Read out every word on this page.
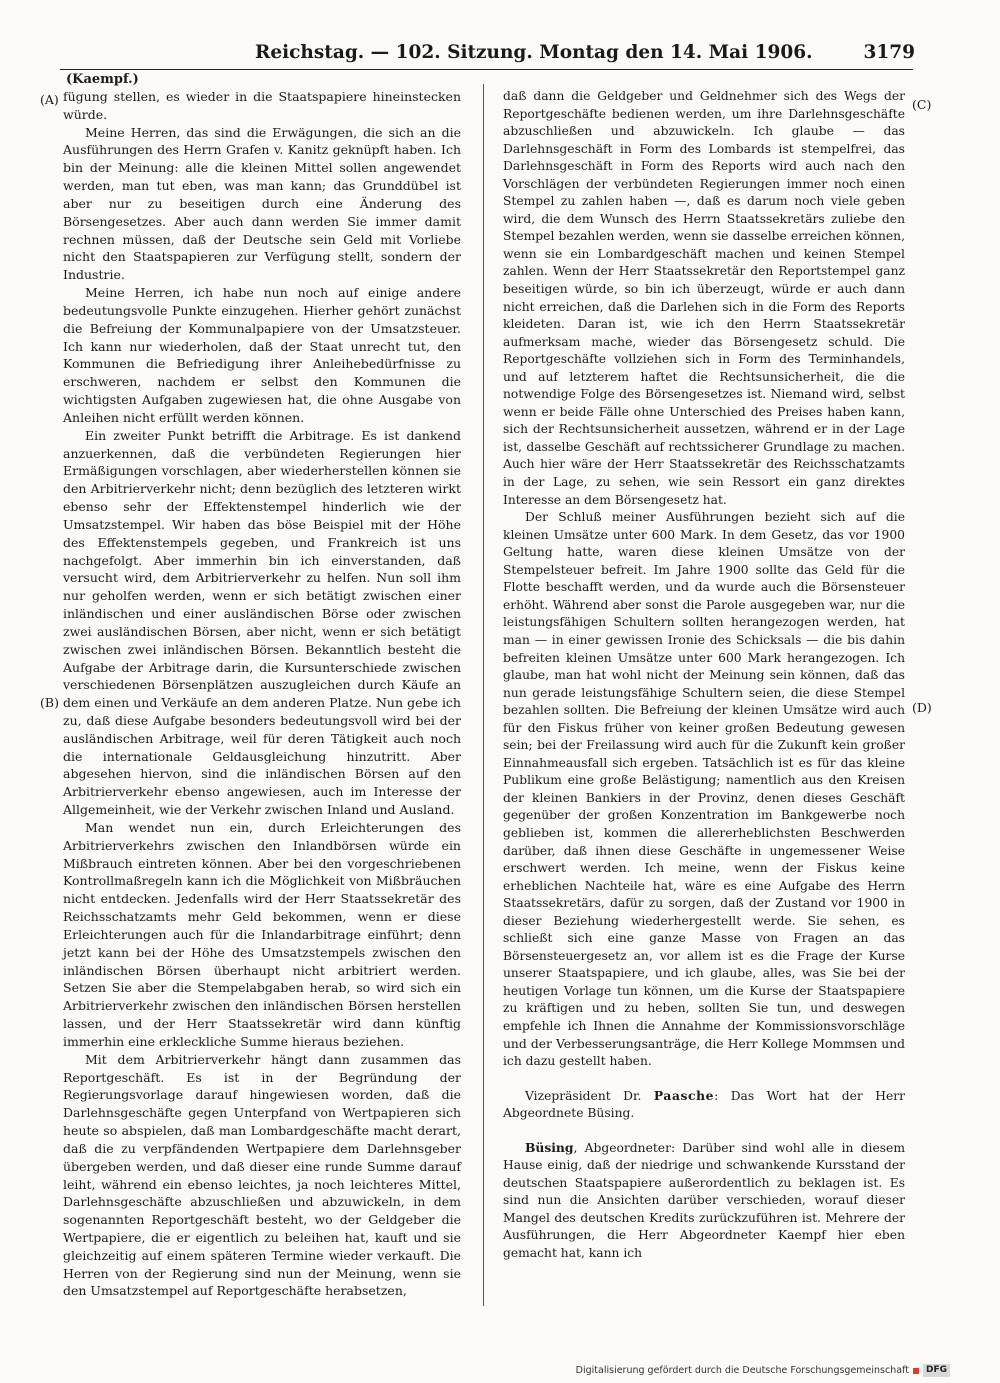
Reichstag. — 102. Sitzung. Montag den 14. Mai 1906.	3179
(Kaempf.)
(A)
(B)
(C)
(D)

fügung stellen, es wieder in die Staatspapiere hineinstecken würde.

Meine Herren, das sind die Erwägungen, die sich an die Ausführungen des Herrn Grafen v. Kanitz geknüpft haben. Ich bin der Meinung: alle die kleinen Mittel sollen angewendet werden, man tut eben, was man kann; das Grunddübel ist aber nur zu beseitigen durch eine Änderung des Börsengesetzes. Aber auch dann werden Sie immer damit rechnen müssen, daß der Deutsche sein Geld mit Vorliebe nicht den Staatspapieren zur Verfügung stellt, sondern der Industrie.

Meine Herren, ich habe nun noch auf einige andere bedeutungsvolle Punkte einzugehen. Hierher gehört zunächst die Befreiung der Kommunalpapiere von der Umsatzsteuer. Ich kann nur wiederholen, daß der Staat unrecht tut, den Kommunen die Befriedigung ihrer Anleihebedürfnisse zu erschweren, nachdem er selbst den Kommunen die wichtigsten Aufgaben zugewiesen hat, die ohne Ausgabe von Anleihen nicht erfüllt werden können.

Ein zweiter Punkt betrifft die Arbitrage. Es ist dankend anzuerkennen, daß die verbündeten Regierungen hier Ermäßigungen vorschlagen, aber wiederherstellen können sie den Arbitrierverkehr nicht; denn bezüglich des letzteren wirkt ebenso sehr der Effektenstempel hinderlich wie der Umsatzstempel. Wir haben das böse Beispiel mit der Höhe des Effektenstempels gegeben, und Frankreich ist uns nachgefolgt. Aber immerhin bin ich einverstanden, daß versucht wird, dem Arbitrierverkehr zu helfen. Nun soll ihm nur geholfen werden, wenn er sich betätigt zwischen einer inländischen und einer ausländischen Börse oder zwischen zwei ausländischen Börsen, aber nicht, wenn er sich betätigt zwischen zwei inländischen Börsen. Bekanntlich besteht die Aufgabe der Arbitrage darin, die Kursunterschiede zwischen verschiedenen Börsenplätzen auszugleichen durch Käufe an dem einen und Verkäufe an dem anderen Platze. Nun gebe ich zu, daß diese Aufgabe besonders bedeutungsvoll wird bei der ausländischen Arbitrage, weil für deren Tätigkeit auch noch die internationale Geldausgleichung hinzutritt. Aber abgesehen hiervon, sind die inländischen Börsen auf den Arbitrierverkehr ebenso angewiesen, auch im Interesse der Allgemeinheit, wie der Verkehr zwischen Inland und Ausland.

Man wendet nun ein, durch Erleichterungen des Arbitrierverkehrs zwischen den Inlandbörsen würde ein Mißbrauch eintreten können. Aber bei den vorgeschriebenen Kontrollmaßregeln kann ich die Möglichkeit von Mißbräuchen nicht entdecken. Jedenfalls wird der Herr Staatssekretär des Reichsschatzamts mehr Geld bekommen, wenn er diese Erleichterungen auch für die Inlandarbitrage einführt; denn jetzt kann bei der Höhe des Umsatzstempels zwischen den inländischen Börsen überhaupt nicht arbitriert werden. Setzen Sie aber die Stempelabgaben herab, so wird sich ein Arbitrierverkehr zwischen den inländischen Börsen herstellen lassen, und der Herr Staatssekretär wird dann künftig immerhin eine erkleckliche Summe hieraus beziehen.

Mit dem Arbitrierverkehr hängt dann zusammen das Reportgeschäft. Es ist in der Begründung der Regierungsvorlage darauf hingewiesen worden, daß die Darlehnsgeschäfte gegen Unterpfand von Wertpapieren sich heute so abspielen, daß man Lombardgeschäfte macht derart, daß die zu verpfändenden Wertpapiere dem Darlehnsgeber übergeben werden, und daß dieser eine runde Summe darauf leiht, während ein ebenso leichtes, ja noch leichteres Mittel, Darlehnsgeschäfte abzuschließen und abzuwickeln, in dem sogenannten Reportgeschäft besteht, wo der Geldgeber die Wertpapiere, die er eigentlich zu beleihen hat, kauft und sie gleichzeitig auf einem späteren Termine wieder verkauft. Die Herren von der Regierung sind nun der Meinung, wenn sie den Umsatzstempel auf Reportgeschäfte herabsetzen,

daß dann die Geldgeber und Geldnehmer sich des Wegs der Reportgeschäfte bedienen werden, um ihre Darlehnsgeschäfte abzuschließen und abzuwickeln. Ich glaube — das Darlehnsgeschäft in Form des Lombards ist stempelfrei, das Darlehnsgeschäft in Form des Reports wird auch nach den Vorschlägen der verbündeten Regierungen immer noch einen Stempel zu zahlen haben —, daß es darum noch viele geben wird, die dem Wunsch des Herrn Staatssekretärs zuliebe den Stempel bezahlen werden, wenn sie dasselbe erreichen können, wenn sie ein Lombardgeschäft machen und keinen Stempel zahlen. Wenn der Herr Staatssekretär den Reportstempel ganz beseitigen würde, so bin ich überzeugt, würde er auch dann nicht erreichen, daß die Darlehen sich in die Form des Reports kleideten. Daran ist, wie ich den Herrn Staatssekretär aufmerksam mache, wieder das Börsengesetz schuld. Die Reportgeschäfte vollziehen sich in Form des Terminhandels, und auf letzterem haftet die Rechtsunsicherheit, die die notwendige Folge des Börsengesetzes ist. Niemand wird, selbst wenn er beide Fälle ohne Unterschied des Preises haben kann, sich der Rechtsunsicherheit aussetzen, während er in der Lage ist, dasselbe Geschäft auf rechtssicherer Grundlage zu machen. Auch hier wäre der Herr Staatssekretär des Reichsschatzamts in der Lage, zu sehen, wie sein Ressort ein ganz direktes Interesse an dem Börsengesetz hat.

Der Schluß meiner Ausführungen bezieht sich auf die kleinen Umsätze unter 600 Mark. In dem Gesetz, das vor 1900 Geltung hatte, waren diese kleinen Umsätze von der Stempelsteuer befreit. Im Jahre 1900 sollte das Geld für die Flotte beschafft werden, und da wurde auch die Börsensteuer erhöht. Während aber sonst die Parole ausgegeben war, nur die leistungsfähigen Schultern sollten herangezogen werden, hat man — in einer gewissen Ironie des Schicksals — die bis dahin befreiten kleinen Umsätze unter 600 Mark herangezogen. Ich glaube, man hat wohl nicht der Meinung sein können, daß das nun gerade leistungsfähige Schultern seien, die diese Stempel bezahlen sollten. Die Befreiung der kleinen Umsätze wird auch für den Fiskus früher von keiner großen Bedeutung gewesen sein; bei der Freilassung wird auch für die Zukunft kein großer Einnahmeausfall sich ergeben. Tatsächlich ist es für das kleine Publikum eine große Belästigung; namentlich aus den Kreisen der kleinen Bankiers in der Provinz, denen dieses Geschäft gegenüber der großen Konzentration im Bankgewerbe noch geblieben ist, kommen die allererheblichsten Beschwerden darüber, daß ihnen diese Geschäfte in ungemessener Weise erschwert werden. Ich meine, wenn der Fiskus keine erheblichen Nachteile hat, wäre es eine Aufgabe des Herrn Staatssekretärs, dafür zu sorgen, daß der Zustand vor 1900 in dieser Beziehung wiederhergestellt werde. Sie sehen, es schließt sich eine ganze Masse von Fragen an das Börsensteuergesetz an, vor allem ist es die Frage der Kurse unserer Staatspapiere, und ich glaube, alles, was Sie bei der heutigen Vorlage tun können, um die Kurse der Staatspapiere zu kräftigen und zu heben, sollten Sie tun, und deswegen empfehle ich Ihnen die Annahme der Kommissionsvorschläge und der Verbesserungsanträge, die Herr Kollege Mommsen und ich dazu gestellt haben.

Vizepräsident Dr. Paasche: Das Wort hat der Herr Abgeordnete Büsing.

Büsing, Abgeordneter: Darüber sind wohl alle in diesem Hause einig, daß der niedrige und schwankende Kursstand der deutschen Staatspapiere außerordentlich zu beklagen ist. Es sind nun die Ansichten darüber verschieden, worauf dieser Mangel des deutschen Kredits zurückzuführen ist. Mehrere der Ausführungen, die Herr Abgeordneter Kaempf hier eben gemacht hat, kann ich

Digitalisierung gefördert durch die Deutsche Forschungsgemeinschaft	DFG
